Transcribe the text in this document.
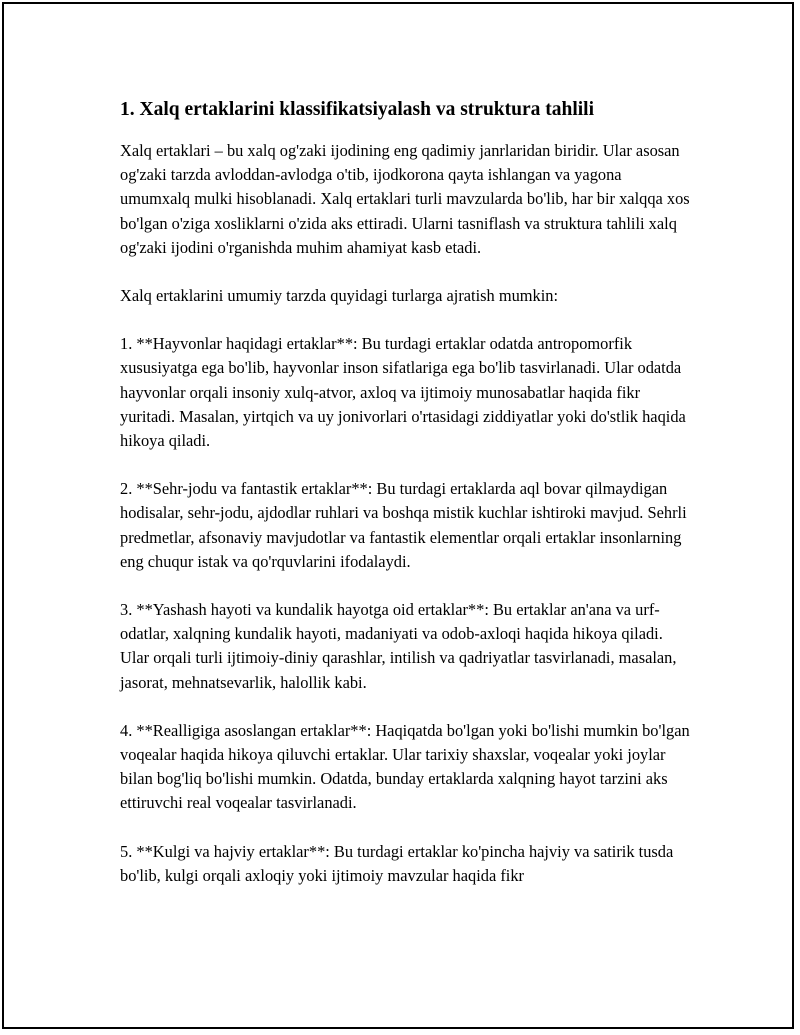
1. Xalq ertaklarini klassifikatsiyalash va struktura tahlili

Xalq ertaklari – bu xalq og'zaki ijodining eng qadimiy janrlaridan biridir. Ular asosan og'zaki tarzda avloddan-avlodga o'tib, ijodkorona qayta ishlangan va yagona umumxalq mulki hisoblanadi. Xalq ertaklari turli mavzularda bo'lib, har bir xalqqa xos bo'lgan o'ziga xosliklarni o'zida aks ettiradi. Ularni tasniflash va struktura tahlili xalq og'zaki ijodini o'rganishda muhim ahamiyat kasb etadi.

Xalq ertaklarini umumiy tarzda quyidagi turlarga ajratish mumkin:

1. **Hayvonlar haqidagi ertaklar**: Bu turdagi ertaklar odatda antropomorfik xususiyatga ega bo'lib, hayvonlar inson sifatlariga ega bo'lib tasvirlanadi. Ular odatda hayvonlar orqali insoniy xulq-atvor, axloq va ijtimoiy munosabatlar haqida fikr yuritadi. Masalan, yirtqich va uy jonivorlari o'rtasidagi ziddiyatlar yoki do'stlik haqida hikoya qiladi.

2. **Sehr-jodu va fantastik ertaklar**: Bu turdagi ertaklarda aql bovar qilmaydigan hodisalar, sehr-jodu, ajdodlar ruhlari va boshqa mistik kuchlar ishtiroki mavjud. Sehrli predmetlar, afsonaviy mavjudotlar va fantastik elementlar orqali ertaklar insonlarning eng chuqur istak va qo'rquvlarini ifodalaydi.

3. **Yashash hayoti va kundalik hayotga oid ertaklar**: Bu ertaklar an'ana va urf-odatlar, xalqning kundalik hayoti, madaniyati va odob-axloqi haqida hikoya qiladi. Ular orqali turli ijtimoiy-diniy qarashlar, intilish va qadriyatlar tasvirlanadi, masalan, jasorat, mehnatsevarlik, halollik kabi.

4. **Realligiga asoslangan ertaklar**: Haqiqatda bo'lgan yoki bo'lishi mumkin bo'lgan voqealar haqida hikoya qiluvchi ertaklar. Ular tarixiy shaxslar, voqealar yoki joylar bilan bog'liq bo'lishi mumkin. Odatda, bunday ertaklarda xalqning hayot tarzini aks ettiruvchi real voqealar tasvirlanadi.

5. **Kulgi va hajviy ertaklar**: Bu turdagi ertaklar ko'pincha hajviy va satirik tusda bo'lib, kulgi orqali axloqiy yoki ijtimoiy mavzular haqida fikr
